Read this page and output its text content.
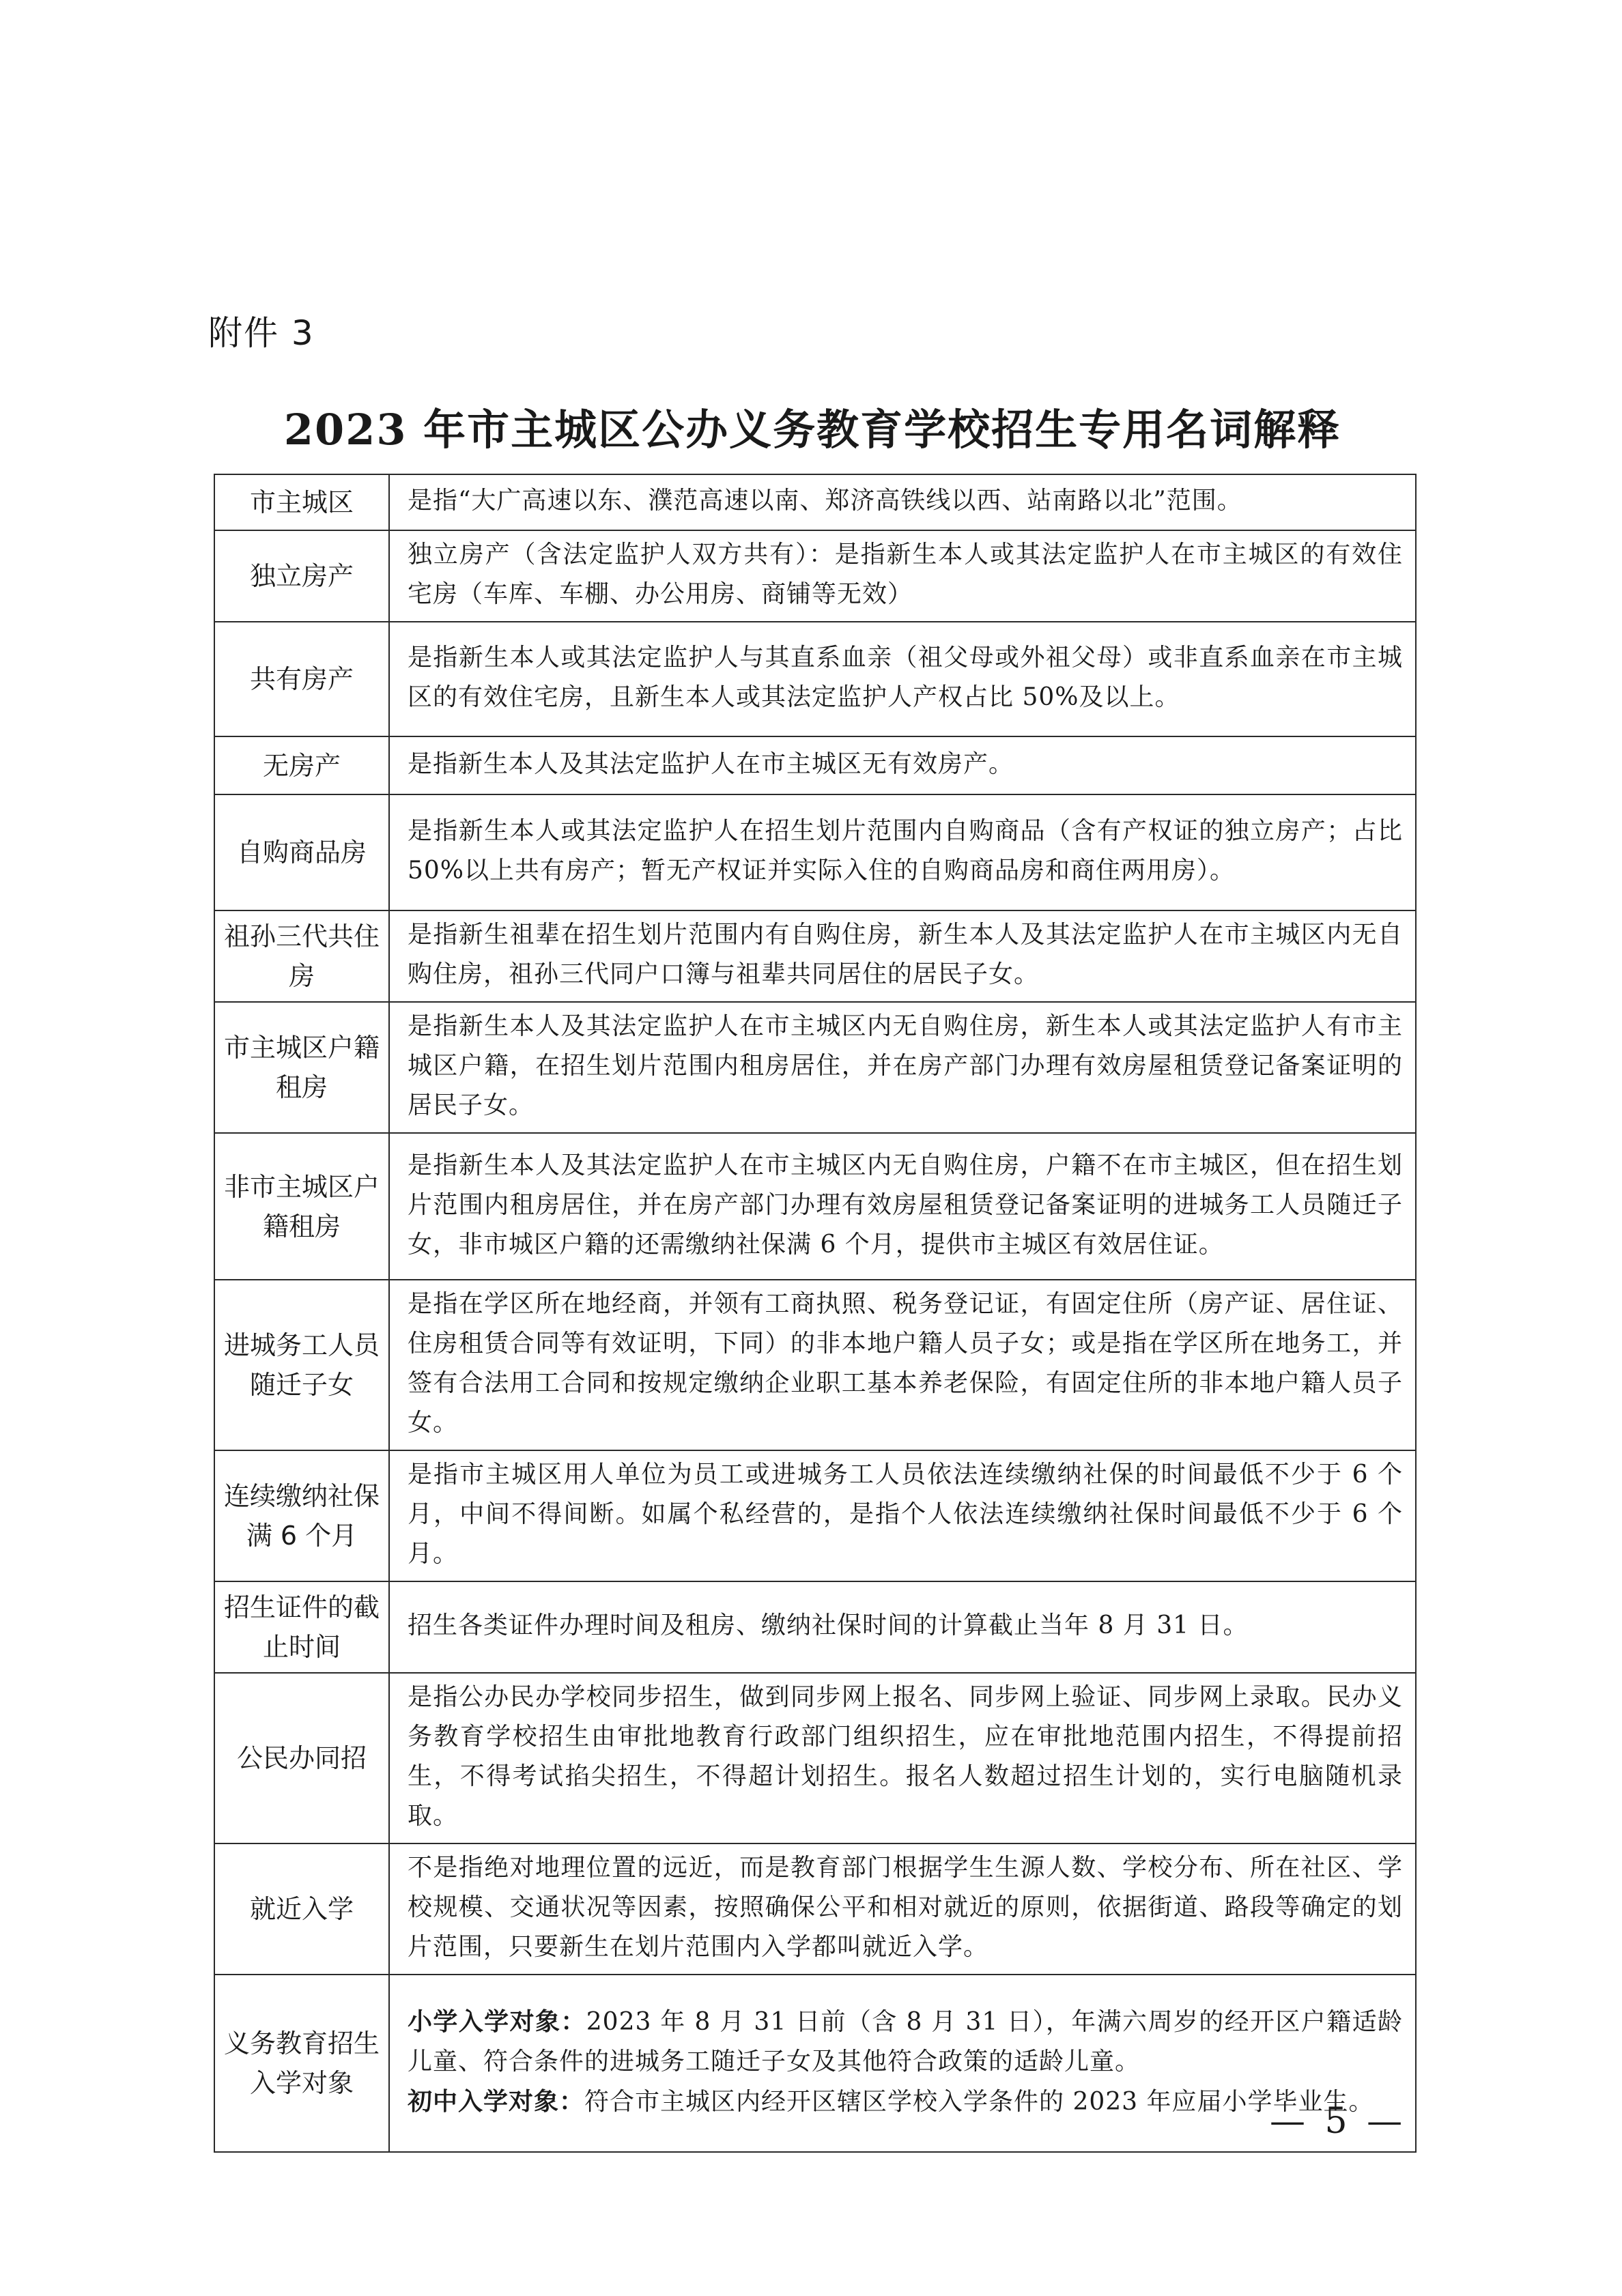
附件 3
2023 年市主城区公办义务教育学校招生专用名词解释
市主城区	是指“大广高速以东、濮范高速以南、郑济高铁线以西、站南路以北”范围。
独立房产	独立房产（含法定监护人双方共有）：是指新生本人或其法定监护人在市主城区的有效住宅房（车库、车棚、办公用房、商铺等无效）
共有房产	是指新生本人或其法定监护人与其直系血亲（祖父母或外祖父母）或非直系血亲在市主城区的有效住宅房，且新生本人或其法定监护人产权占比 50%及以上。
无房产	是指新生本人及其法定监护人在市主城区无有效房产。
自购商品房	是指新生本人或其法定监护人在招生划片范围内自购商品（含有产权证的独立房产；占比 50%以上共有房产；暂无产权证并实际入住的自购商品房和商住两用房）。
祖孙三代共住房	是指新生祖辈在招生划片范围内有自购住房，新生本人及其法定监护人在市主城区内无自购住房，祖孙三代同户口簿与祖辈共同居住的居民子女。
市主城区户籍租房	是指新生本人及其法定监护人在市主城区内无自购住房，新生本人或其法定监护人有市主城区户籍，在招生划片范围内租房居住，并在房产部门办理有效房屋租赁登记备案证明的居民子女。
非市主城区户籍租房	是指新生本人及其法定监护人在市主城区内无自购住房，户籍不在市主城区，但在招生划片范围内租房居住，并在房产部门办理有效房屋租赁登记备案证明的进城务工人员随迁子女，非市城区户籍的还需缴纳社保满 6 个月，提供市主城区有效居住证。
进城务工人员随迁子女	是指在学区所在地经商，并领有工商执照、税务登记证，有固定住所（房产证、居住证、住房租赁合同等有效证明，下同）的非本地户籍人员子女；或是指在学区所在地务工，并签有合法用工合同和按规定缴纳企业职工基本养老保险，有固定住所的非本地户籍人员子女。
连续缴纳社保满 6 个月	是指市主城区用人单位为员工或进城务工人员依法连续缴纳社保的时间最低不少于 6 个月，中间不得间断。如属个私经营的，是指个人依法连续缴纳社保时间最低不少于 6 个月。
招生证件的截止时间	招生各类证件办理时间及租房、缴纳社保时间的计算截止当年 8 月 31 日。
公民办同招	是指公办民办学校同步招生，做到同步网上报名、同步网上验证、同步网上录取。民办义务教育学校招生由审批地教育行政部门组织招生，应在审批地范围内招生，不得提前招生，不得考试掐尖招生，不得超计划招生。报名人数超过招生计划的，实行电脑随机录取。
就近入学	不是指绝对地理位置的远近，而是教育部门根据学生生源人数、学校分布、所在社区、学校规模、交通状况等因素，按照确保公平和相对就近的原则，依据街道、路段等确定的划片范围，只要新生在划片范围内入学都叫就近入学。
义务教育招生入学对象	小学入学对象：2023 年 8 月 31 日前（含 8 月 31 日），年满六周岁的经开区户籍适龄儿童、符合条件的进城务工随迁子女及其他符合政策的适龄儿童。
初中入学对象：符合市主城区内经开区辖区学校入学条件的 2023 年应届小学毕业生。
— 5 —
